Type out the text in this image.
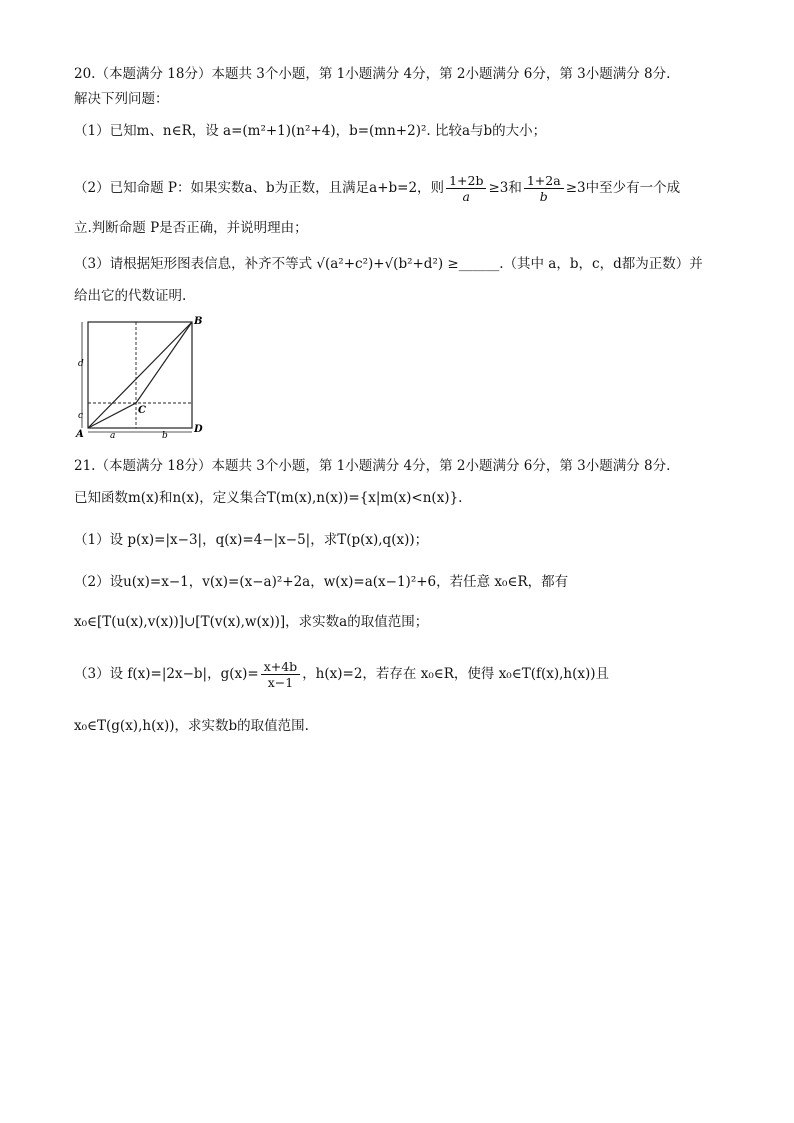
20.（本题满分 18分）本题共 3个小题，第 1小题满分 4分，第 2小题满分 6分，第 3小题满分 8分.
解决下列问题：
（1）已知m、n∈R，设 a=(m²+1)(n²+4)，b=(mn+2)². 比较a与b的大小；
（2）已知命题 P：如果实数a、b为正数，且满足a+b=2，则 $\frac{1+2b}{a} \ge 3$和 $\frac{1+2a}{b} \ge 3$中至少有一个成
立.判断命题 P是否正确，并说明理由；
（3）请根据矩形图表信息，补齐不等式 √(a²+c²)+√(b²+d²) ≥______.（其中 a，b，c，d都为正数）并
给出它的代数证明.
B
A
C
D
d
c
a	b
21.（本题满分 18分）本题共 3个小题，第 1小题满分 4分，第 2小题满分 6分，第 3小题满分 8分.
已知函数m(x)和n(x)，定义集合T(m(x),n(x))={x|m(x)<n(x)}.
（1）设 p(x)=|x−3|，q(x)=4−|x−5|，求T(p(x),q(x))；
（2）设u(x)=x−1，v(x)=(x−a)²+2a，w(x)=a(x−1)²+6，若任意 x₀∈R，都有
x₀∈[T(u(x),v(x))]∪[T(v(x),w(x))]，求实数a的取值范围；
（3）设 f(x)=|2x−b|，$g(x)= \frac{x+4b}{x-1}$ ，h(x)=2，若存在 x₀∈R，使得 x₀∈T(f(x),h(x))且
x₀∈T(g(x),h(x))，求实数b的取值范围.
